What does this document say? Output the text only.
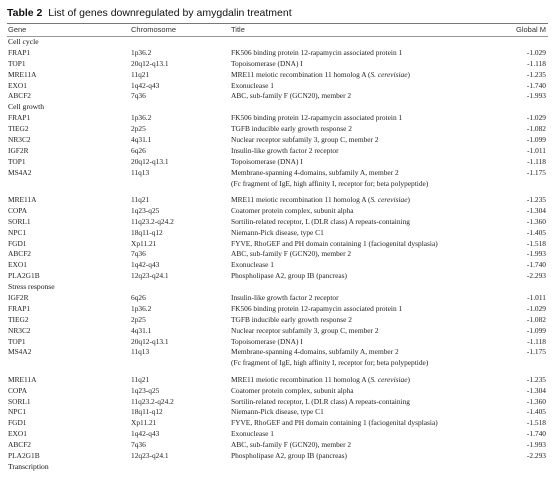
Table 2 List of genes downregulated by amygdalin treatment
Gene	Chromosome	Title	Global M
Cell cycle
FRAP1	1p36.2	FK506 binding protein 12-rapamycin associated protein 1	-1.029
TOP1	20q12-q13.1	Topoisomerase (DNA) I	-1.118
MRE11A	11q21	MRE11 meiotic recombination 11 homolog A (S. cerevisiae)	-1.235
EXO1	1q42-q43	Exonuclease 1	-1.740
ABCF2	7q36	ABC, sub-family F (GCN20), member 2	-1.993
Cell growth
FRAP1	1p36.2	FK506 binding protein 12-rapamycin associated protein 1	-1.029
TIEG2	2p25	TGFB inducible early growth response 2	-1.082
NR3C2	4q31.1	Nuclear receptor subfamily 3, group C, member 2	-1.099
IGF2R	6q26	Insulin-like growth factor 2 receptor	-1.011
TOP1	20q12-q13.1	Topoisomerase (DNA) I	-1.118
MS4A2	11q13	Membrane-spanning 4-domains, subfamily A, member 2	-1.175
(Fc fragment of IgE, high affinity I, receptor for; beta polypeptide)
MRE11A	11q21	MRE11 meiotic recombination 11 homolog A (S. cerevisiae)	-1.235
COPA	1q23-q25	Coatomer protein complex, subunit alpha	-1.304
SORL1	11q23.2-q24.2	Sortilin-related receptor, L (DLR class) A repeats-containing	-1.360
NPC1	18q11-q12	Niemann-Pick disease, type C1	-1.405
FGD1	Xp11.21	FYVE, RhoGEF and PH domain containing 1 (faciogenital dysplasia)	-1.518
ABCF2	7q36	ABC, sub-family F (GCN20), member 2	-1.993
EXO1	1q42-q43	Exonuclease 1	-1.740
PLA2G1B	12q23-q24.1	Phospholipase A2, group IB (pancreas)	-2.293
Stress response
IGF2R	6q26	Insulin-like growth factor 2 receptor	-1.011
FRAP1	1p36.2	FK506 binding protein 12-rapamycin associated protein 1	-1.029
TIEG2	2p25	TGFB inducible early growth response 2	-1.082
NR3C2	4q31.1	Nuclear receptor subfamily 3, group C, member 2	-1.099
TOP1	20q12-q13.1	Topoisomerase (DNA) I	-1.118
MS4A2	11q13	Membrane-spanning 4-domains, subfamily A, member 2	-1.175
(Fc fragment of IgE, high affinity I, receptor for; beta polypeptide)
MRE11A	11q21	MRE11 meiotic recombination 11 homolog A (S. cerevisiae)	-1.235
COPA	1q23-q25	Coatomer protein complex, subunit alpha	-1.304
SORL1	11q23.2-q24.2	Sortilin-related receptor, L (DLR class) A repeats-containing	-1.360
NPC1	18q11-q12	Niemann-Pick disease, type C1	-1.405
FGD1	Xp11.21	FYVE, RhoGEF and PH domain containing 1 (faciogenital dysplasia)	-1.518
EXO1	1q42-q43	Exonuclease 1	-1.740
ABCF2	7q36	ABC, sub-family F (GCN20), member 2	-1.993
PLA2G1B	12q23-q24.1	Phospholipase A2, group IB (pancreas)	-2.293
Transcription
